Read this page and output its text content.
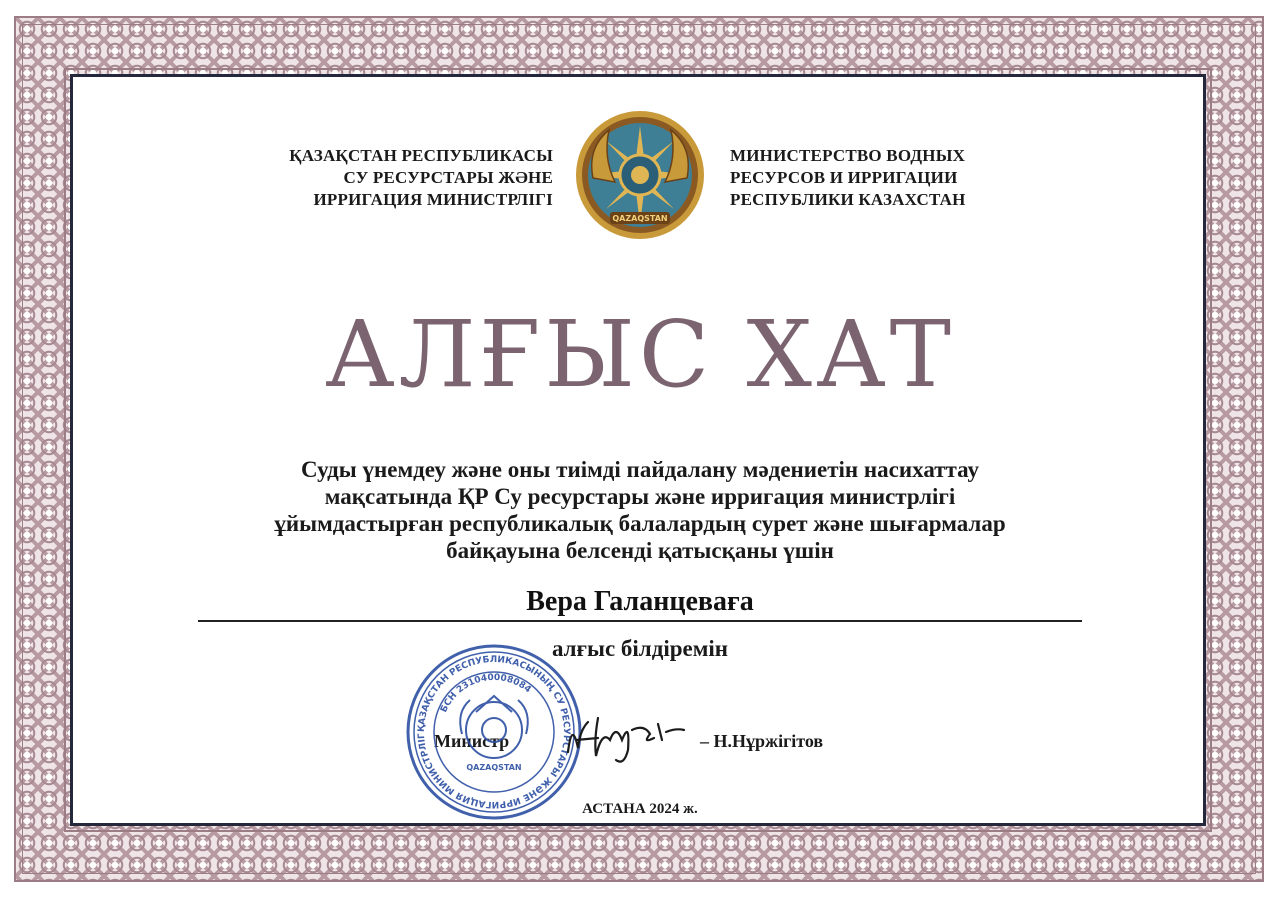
ҚАЗАҚСТАН РЕСПУБЛИКАСЫ
СУ РЕСУРСТАРЫ ЖӘНЕ
ИРРИГАЦИЯ МИНИСТРЛІГІ
QAZAQSTAN
МИНИСТЕРСТВО ВОДНЫХ
РЕСУРСОВ И ИРРИГАЦИИ
РЕСПУБЛИКИ КАЗАХСТАН
АЛҒЫС ХАТ
Суды үнемдеу және оны тиімді пайдалану мәдениетін насихаттау
мақсатында ҚР Су ресурстары және ирригация министрлігі
ұйымдастырған республикалық балалардың сурет және шығармалар
байқауына белсенді қатысқаны үшін
Вера Галанцеваға
алғыс білдіремін
Министр
ҚАЗАҚСТАН РЕСПУБЛИКАСЫНЫҢ СУ РЕСУРСТАРЫ ЖӘНЕ ИРРИГАЦИЯ МИНИСТРЛІГ
БСН 231040008084
QAZAQSTAN
– Н.Нұржігітов
АСТАНА 2024 ж.
